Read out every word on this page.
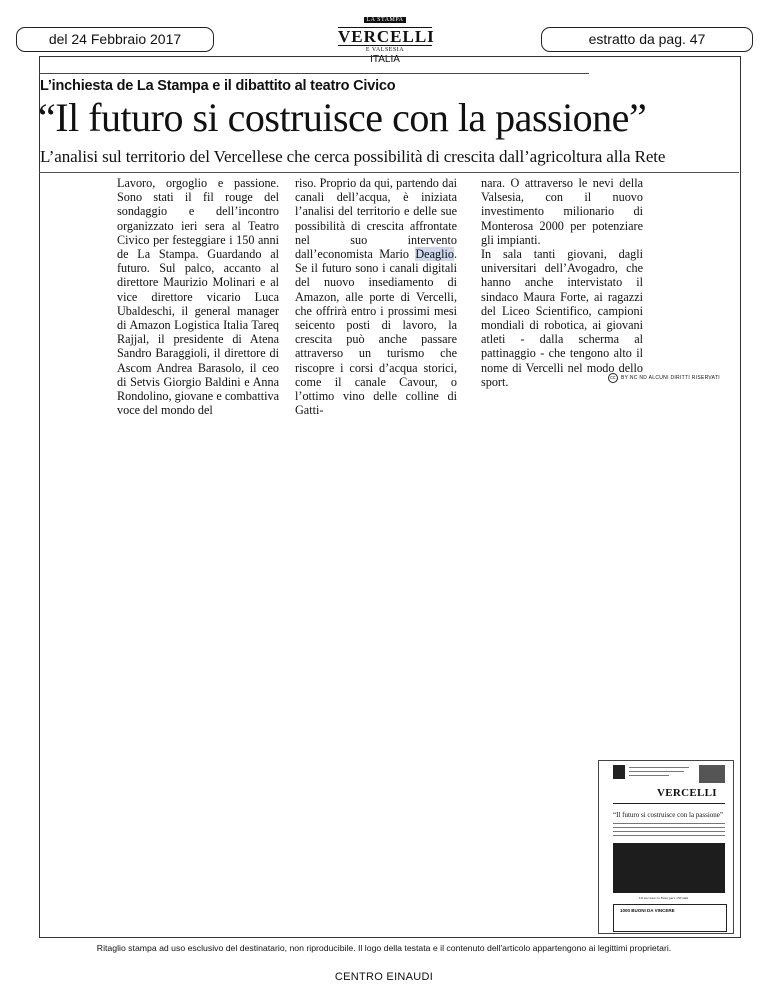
del 24 Febbraio 2017
LA STAMPA
VERCELLI
E VALSESIA
ITALIA
estratto da pag. 47
L’inchiesta de La Stampa e il dibattito al teatro Civico
“Il futuro si costruisce con la passione”
L’analisi sul territorio del Vercellese che cerca possibilità di crescita dall’agricoltura alla Rete

Lavoro, orgoglio e passione. Sono stati il fil rouge del sondaggio e dell’incontro organizzato ieri sera al Teatro Civico per festeggiare i 150 anni de La Stampa. Guardando al futuro. Sul palco, accanto al direttore Maurizio Molinari e al vice direttore vicario Luca Ubaldeschi, il general manager di Amazon Logistica Italia Tareq Rajjal, il presidente di Atena Sandro Baraggioli, il direttore di Ascom Andrea Barasolo, il ceo di Setvis Giorgio Baldini e Anna Rondolino, giovane e combattiva voce del mondo del

riso. Proprio da qui, partendo dai canali dell’acqua, è iniziata l’analisi del territorio e delle sue possibilità di crescita affrontate nel suo intervento dall’economista Mario Deaglio. Se il futuro sono i canali digitali del nuovo insediamento di Amazon, alle porte di Vercelli, che offrirà entro i prossimi mesi seicento posti di lavoro, la crescita può anche passare attraverso un turismo che riscopre i corsi d’acqua storici, come il canale Cavour, o l’ottimo vino delle colline di Gatti-

nara. O attraverso le nevi della Valsesia, con il nuovo investimento milionario di Monterosa 2000 per potenziare gli impianti.

In sala tanti giovani, dagli universitari dell’Avogadro, che hanno anche intervistato il sindaco Maura Forte, ai ragazzi del Liceo Scientifico, campioni mondiali di robotica, ai giovani atleti - dalla scherma al pattinaggio - che tengono alto il nome di Vercelli nel modo dello sport.	cc	BY NC ND ALCUNI DIRITTI RISERVATI
VERCELLI
“Il futuro si costruisce con la passione”
Un successo la Festa per i 150 anni
1000 BUONI DA VINCERE
Ritaglio stampa ad uso esclusivo del destinatario, non riproducibile. Il logo della testata e il contenuto dell'articolo appartengono ai legittimi proprietari.
CENTRO EINAUDI
